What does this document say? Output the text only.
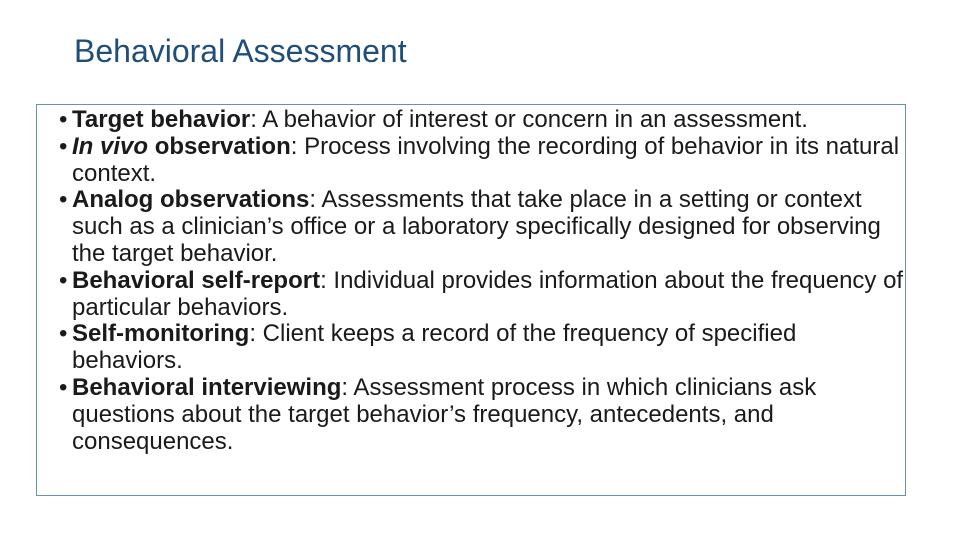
Behavioral Assessment
• Target behavior: A behavior of interest or concern in an assessment.
• In vivo observation: Process involving the recording of behavior in its natural context.
• Analog observations: Assessments that take place in a setting or context such as a clinician’s office or a laboratory specifically designed for observing the target behavior.
• Behavioral self-report: Individual provides information about the frequency of particular behaviors.
• Self-monitoring: Client keeps a record of the frequency of specified behaviors.
• Behavioral interviewing: Assessment process in which clinicians ask questions about the target behavior’s frequency, antecedents, and consequences.
